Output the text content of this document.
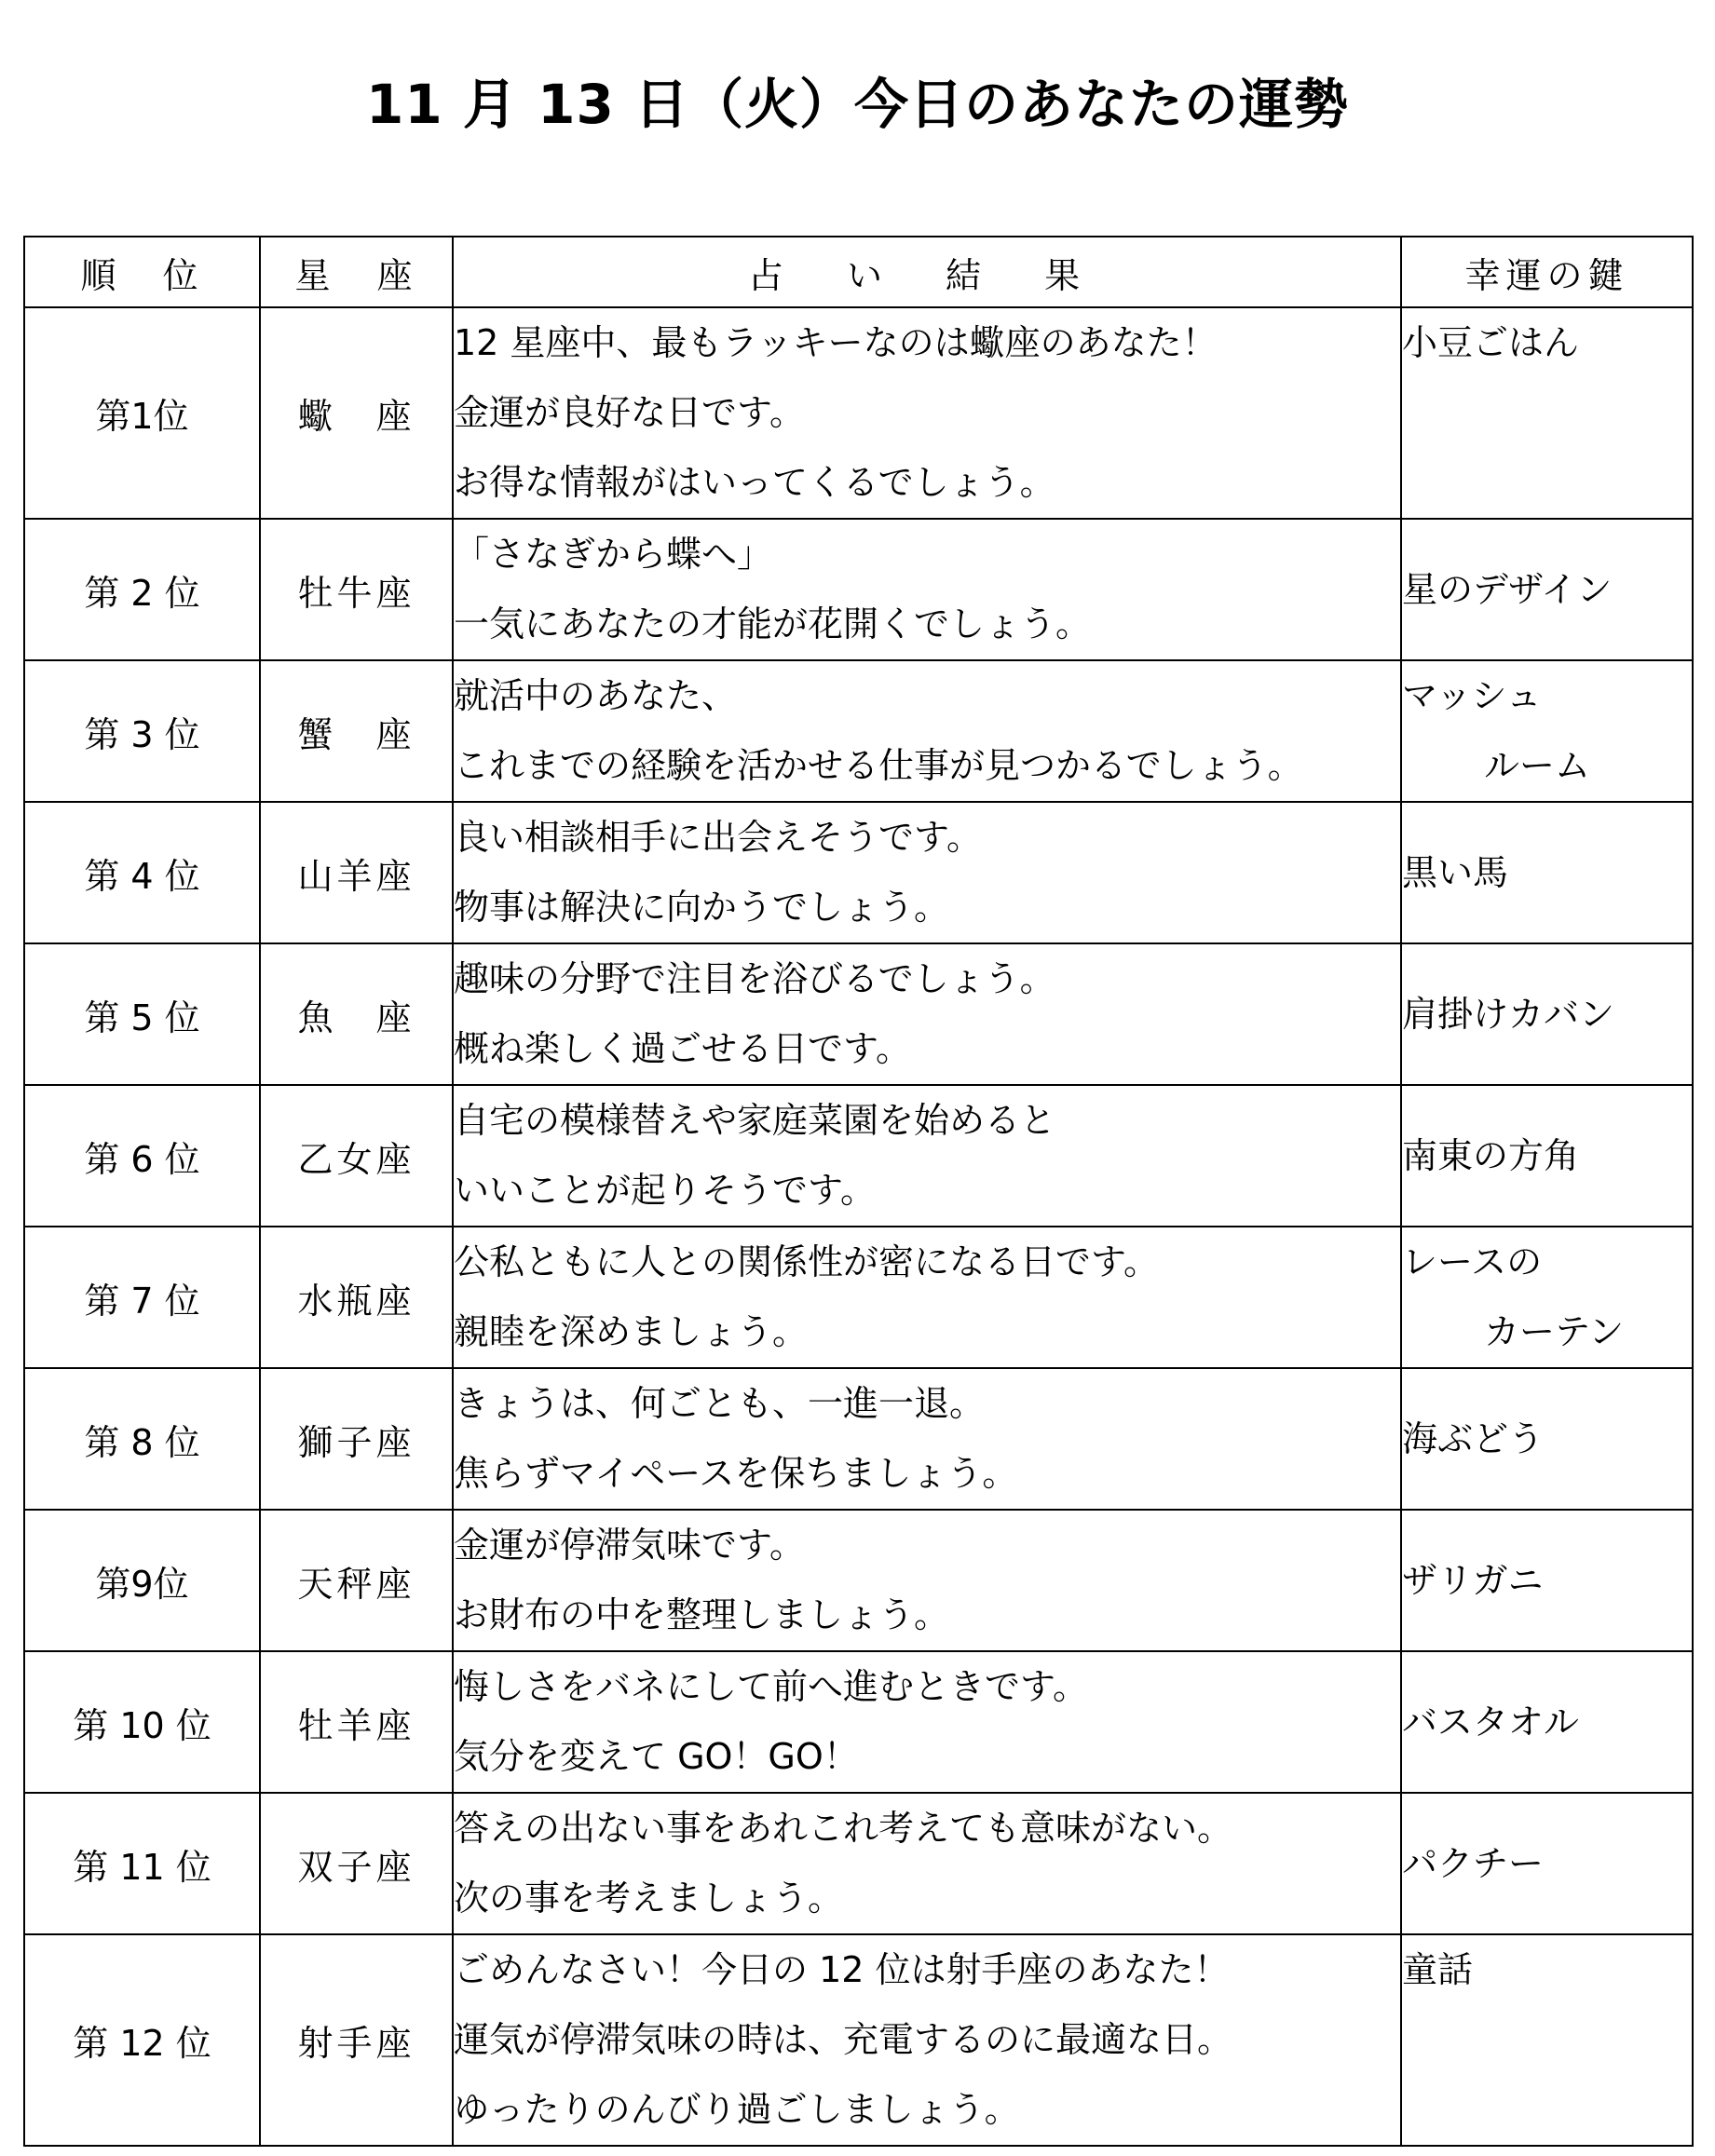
11 月 13 日（火）今日のあなたの運勢
順　位	星　座	占 い 結 果	幸運の鍵
第1位	蠍　座	12 星座中、最もラッキーなのは蠍座のあなた！
金運が良好な日です。
お得な情報がはいってくるでしょう。	小豆ごはん

第 2 位	牡牛座	「さなぎから蝶へ」
一気にあなたの才能が花開くでしょう。	星のデザイン

第 3 位	蟹　座	就活中のあなた、
これまでの経験を活かせる仕事が見つかるでしょう。	マッシュ
ルーム

第 4 位	山羊座	良い相談相手に出会えそうです。
物事は解決に向かうでしょう。	黒い馬

第 5 位	魚　座	趣味の分野で注目を浴びるでしょう。
概ね楽しく過ごせる日です。	肩掛けカバン

第 6 位	乙女座	自宅の模様替えや家庭菜園を始めると
いいことが起りそうです。	南東の方角

第 7 位	水瓶座	公私ともに人との関係性が密になる日です。
親睦を深めましょう。	レースの
カーテン

第 8 位	獅子座	きょうは、何ごとも、一進一退。
焦らずマイペースを保ちましょう。	海ぶどう

第9位	天秤座	金運が停滞気味です。
お財布の中を整理しましょう。	ザリガニ

第 10 位	牡羊座	悔しさをバネにして前へ進むときです。
気分を変えて GO！GO！	バスタオル

第 11 位	双子座	答えの出ない事をあれこれ考えても意味がない。
次の事を考えましょう。	パクチー

第 12 位	射手座	ごめんなさい！今日の 12 位は射手座のあなた！
運気が停滞気味の時は、充電するのに最適な日。
ゆったりのんびり過ごしましょう。	童話
